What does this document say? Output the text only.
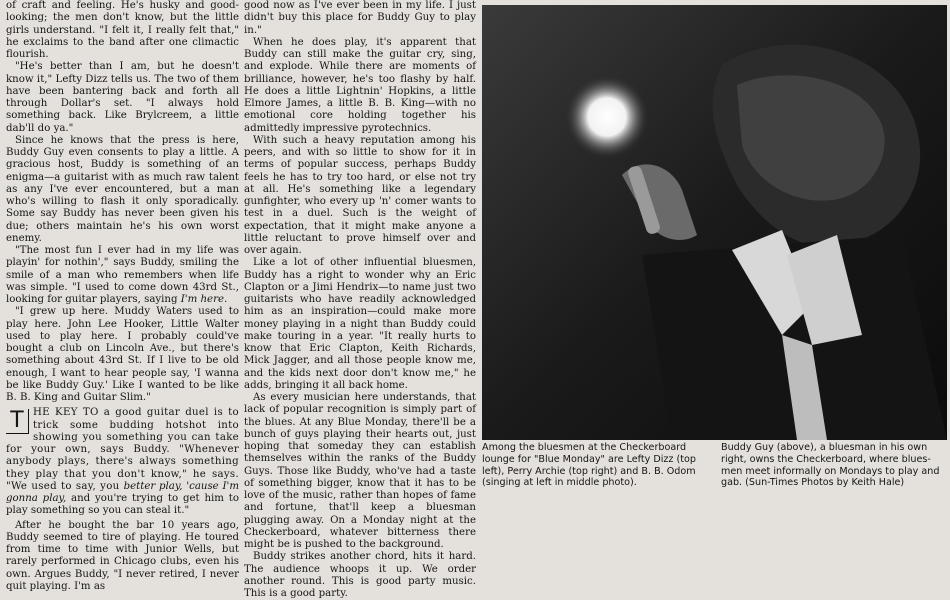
of craft and feeling. He's husky and good-looking; the men don't know, but the little girls understand. "I felt it, I really felt that," he exclaims to the band after one climactic flourish.

"He's better than I am, but he doesn't know it," Lefty Dizz tells us. The two of them have been bantering back and forth all through Dollar's set. "I always hold something back. Like Brylcreem, a little dab'll do ya."

Since he knows that the press is here, Buddy Guy even consents to play a little. A gracious host, Buddy is something of an enigma—a guitarist with as much raw talent as any I've ever encountered, but a man who's willing to flash it only sporadically. Some say Buddy has never been given his due; others maintain he's his own worst enemy.

"The most fun I ever had in my life was playin' for nothin'," says Buddy, smiling the smile of a man who remembers when life was simple. "I used to come down 43rd St., looking for guitar players, saying I'm here.

"I grew up here. Muddy Waters used to play here. John Lee Hooker, Little Walter used to play here. I probably could've bought a club on Lincoln Ave., but there's something about 43rd St. If I live to be old enough, I want to hear people say, 'I wanna be like Buddy Guy.' Like I wanted to be like B. B. King and Guitar Slim."

T HE KEY TO a good guitar duel is to trick some budding hotshot into showing you something you can take for your own, says Buddy. "Whenever anybody plays, there's always something they play that you don't know," he says. "We used to say, you better play, 'cause I'm gonna play, and you're trying to get him to play something so you can steal it."

After he bought the bar 10 years ago, Buddy seemed to tire of playing. He toured from time to time with Junior Wells, but rarely performed in Chicago clubs, even his own. Argues Buddy, "I never retired, I never quit playing. I'm as

good now as I've ever been in my life. I just didn't buy this place for Buddy Guy to play in."

When he does play, it's apparent that Buddy can still make the guitar cry, sing, and explode. While there are moments of brilliance, however, he's too flashy by half. He does a little Lightnin' Hopkins, a little Elmore James, a little B. B. King—with no emotional core holding together his admittedly impressive pyrotechnics.

With such a heavy reputation among his peers, and with so little to show for it in terms of popular success, perhaps Buddy feels he has to try too hard, or else not try at all. He's something like a legendary gunfighter, who every up 'n' comer wants to test in a duel. Such is the weight of expectation, that it might make anyone a little reluctant to prove himself over and over again.

Like a lot of other influential bluesmen, Buddy has a right to wonder why an Eric Clapton or a Jimi Hendrix—to name just two guitarists who have readily acknowledged him as an inspiration—could make more money playing in a night than Buddy could make touring in a year. "It really hurts to know that Eric Clapton, Keith Richards, Mick Jagger, and all those people know me, and the kids next door don't know me," he adds, bringing it all back home.

As every musician here understands, that lack of popular recognition is simply part of the blues. At any Blue Monday, there'll be a bunch of guys playing their hearts out, just hoping that someday they can establish themselves within the ranks of the Buddy Guys. Those like Buddy, who've had a taste of something bigger, know that it has to be love of the music, rather than hopes of fame and fortune, that'll keep a bluesman plugging away. On a Monday night at the Checkerboard, whatever bitterness there might be is pushed to the background.

Buddy strikes another chord, hits it hard. The audience whoops it up. We order another round. This is good party music. This is a good party.

Among the bluesmen at the Checkerboard lounge for "Blue Monday" are Lefty Dizz (top left), Perry Archie (top right) and B. B. Odom (singing at left in middle photo).
Buddy Guy (above), a bluesman in his own right, owns the Checkerboard, where blues-men meet informally on Mondays to play and gab. (Sun-Times Photos by Keith Hale)
